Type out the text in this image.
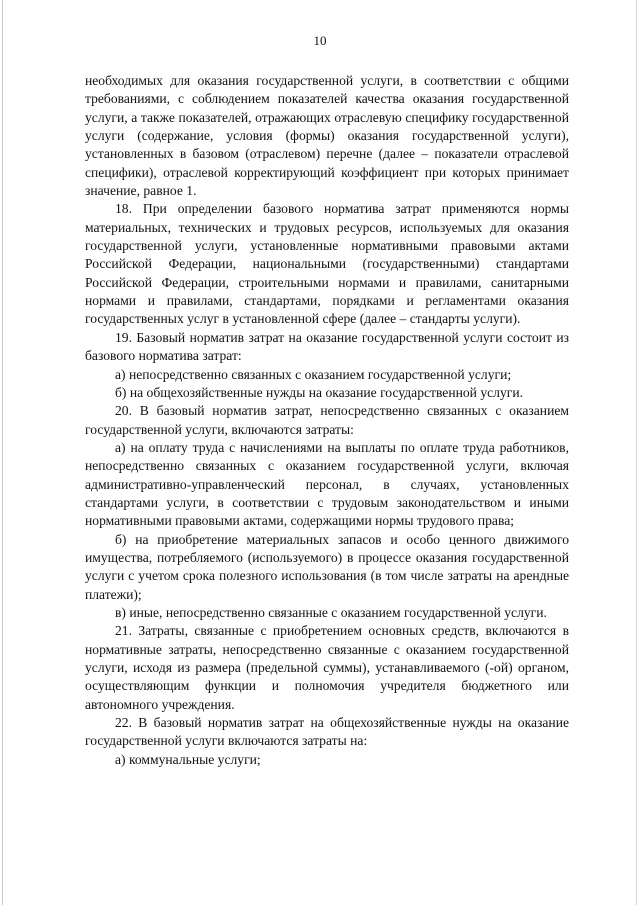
10

необходимых для оказания государственной услуги, в соответствии с общими требованиями, с соблюдением показателей качества оказания государственной услуги, а также показателей, отражающих отраслевую специфику государственной услуги (содержание, условия (формы) оказания государственной услуги), установленных в базовом (отраслевом) перечне (далее – показатели отраслевой специфики), отраслевой корректирующий коэффициент при которых принимает значение, равное 1.

18. При определении базового норматива затрат применяются нормы материальных, технических и трудовых ресурсов, используемых для оказания государственной услуги, установленные нормативными правовыми актами Российской Федерации, национальными (государственными) стандартами Российской Федерации, строительными нормами и правилами, санитарными нормами и правилами, стандартами, порядками и регламентами оказания государственных услуг в установленной сфере (далее – стандарты услуги).

19. Базовый норматив затрат на оказание государственной услуги состоит из базового норматива затрат:

а) непосредственно связанных с оказанием государственной услуги;

б) на общехозяйственные нужды на оказание государственной услуги.

20. В базовый норматив затрат, непосредственно связанных с оказанием государственной услуги, включаются затраты:

а) на оплату труда с начислениями на выплаты по оплате труда работников, непосредственно связанных с оказанием государственной услуги, включая административно-управленческий персонал, в случаях, установленных стандартами услуги, в соответствии с трудовым законодательством и иными нормативными правовыми актами, содержащими нормы трудового права;

б) на приобретение материальных запасов и особо ценного движимого имущества, потребляемого (используемого) в процессе оказания государственной услуги с учетом срока полезного использования (в том числе затраты на арендные платежи);

в) иные, непосредственно связанные с оказанием государственной услуги.

21. Затраты, связанные с приобретением основных средств, включаются в нормативные затраты, непосредственно связанные с оказанием государственной услуги, исходя из размера (предельной суммы), устанавливаемого (-ой) органом, осуществляющим функции и полномочия учредителя бюджетного или автономного учреждения.

22. В базовый норматив затрат на общехозяйственные нужды на оказание государственной услуги включаются затраты на:

а) коммунальные услуги;
